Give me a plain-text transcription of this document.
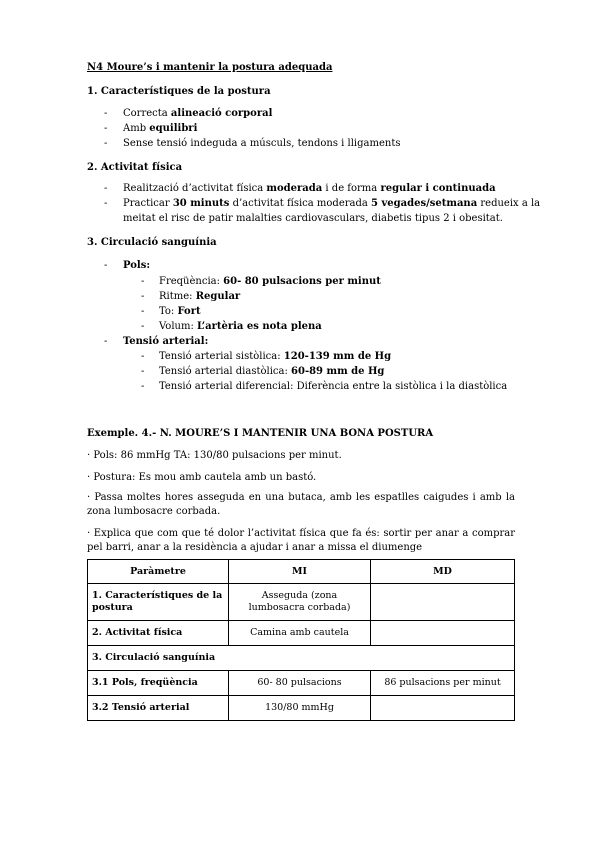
N4 Moure’s i mantenir la postura adequada
1. Característiques de la postura
- Correcta alineació corporal
- Amb equilibri
- Sense tensió indeguda a músculs, tendons i lligaments
2. Activitat física
- Realització d’activitat física moderada i de forma regular i continuada
- Practicar 30 minuts d’activitat física moderada 5 vegades/setmana redueix a la
meitat el risc de patir malalties cardiovasculars, diabetis tipus 2 i obesitat.
3. Circulació sanguínia
- Pols:
- Freqüència: 60- 80 pulsacions per minut
- Ritme: Regular
- To: Fort
- Volum: L’artèria es nota plena
- Tensió arterial:
- Tensió arterial sistòlica: 120-139 mm de Hg
- Tensió arterial diastòlica: 60-89 mm de Hg
- Tensió arterial diferencial: Diferència entre la sistòlica i la diastòlica
Exemple. 4.- N. MOURE’S I MANTENIR UNA BONA POSTURA
· Pols: 86 mmHg TA: 130/80 pulsacions per minut.
· Postura: Es mou amb cautela amb un bastó.
· Passa moltes hores asseguda en una butaca, amb les espatlles caigudes i amb la zona lumbosacre corbada.
· Explica que com que té dolor l’activitat física que fa és: sortir per anar a comprar pel barri, anar a la residència a ajudar i anar a missa el diumenge
Paràmetre	MI	MD
1. Característiques de la postura	Asseguda (zona lumbosacra corbada)	
2. Activitat física	Camina amb cautela	
3. Circulació sanguínia		
3.1 Pols, freqüència	60- 80 pulsacions	86 pulsacions per minut
3.2 Tensió arterial	130/80 mmHg	
